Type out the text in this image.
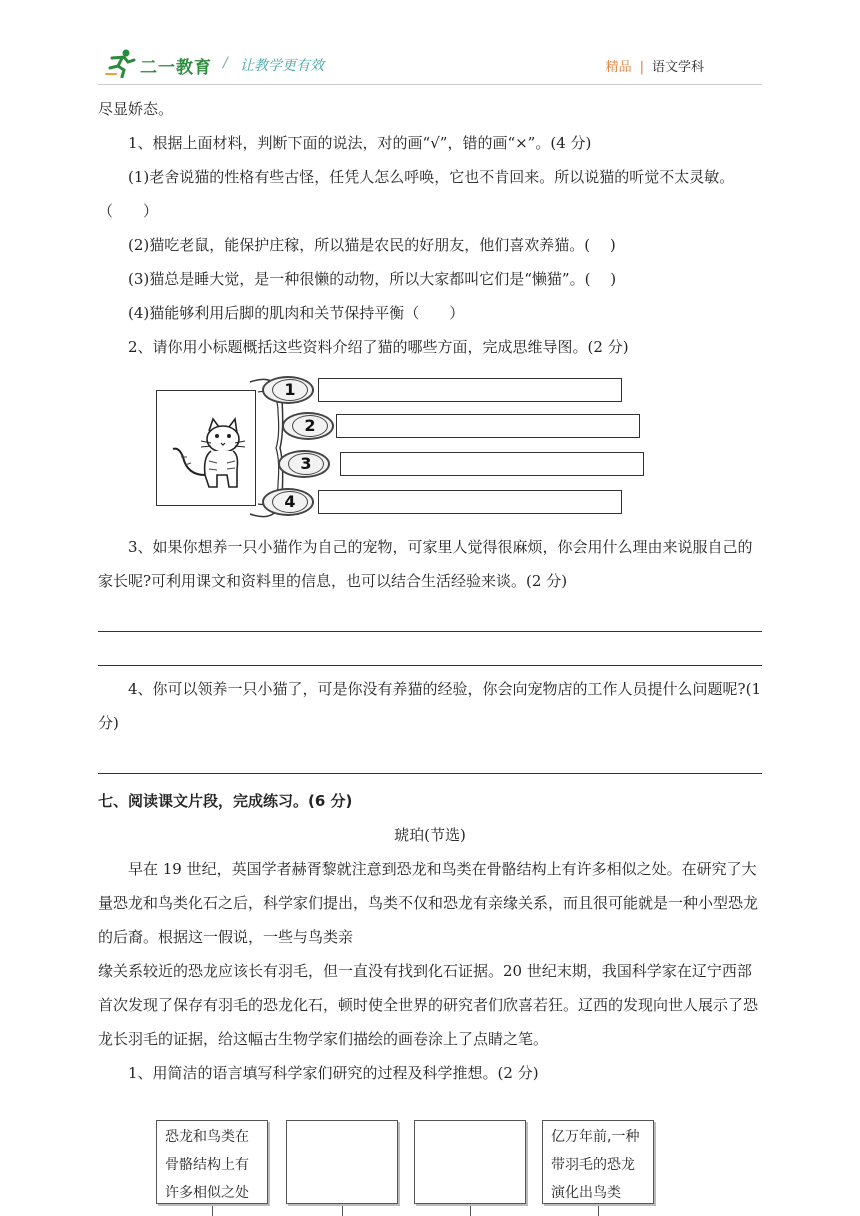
二一教育 / 让教学更有效	精品 | 语文学科
尽显娇态。
1、根据上面材料，判断下面的说法，对的画“√”，错的画“×”。(4 分)
(1)老舍说猫的性格有些古怪，任凭人怎么呼唤，它也不肯回来。所以说猫的听觉不太灵敏。（　　）
(2)猫吃老鼠，能保护庄稼，所以猫是农民的好朋友，他们喜欢养猫。(　 )
(3)猫总是睡大觉，是一种很懒的动物，所以大家都叫它们是“懒猫”。(　 )
(4)猫能够利用后脚的肌肉和关节保持平衡（　　）
2、请你用小标题概括这些资料介绍了猫的哪些方面，完成思维导图。(2 分)
1
2
3
4
3、如果你想养一只小猫作为自己的宠物，可家里人觉得很麻烦，你会用什么理由来说服自己的家长呢?可利用课文和资料里的信息，也可以结合生活经验来谈。(2 分)
4、你可以领养一只小猫了，可是你没有养猫的经验，你会向宠物店的工作人员提什么问题呢?(1 分)
七、阅读课文片段，完成练习。(6 分)
琥珀(节选)
早在 19 世纪，英国学者赫胥黎就注意到恐龙和鸟类在骨骼结构上有许多相似之处。在研究了大量恐龙和鸟类化石之后，科学家们提出，鸟类不仅和恐龙有亲缘关系，而且很可能就是一种小型恐龙的后裔。根据这一假说，一些与鸟类亲
缘关系较近的恐龙应该长有羽毛，但一直没有找到化石证据。20 世纪末期，我国科学家在辽宁西部首次发现了保存有羽毛的恐龙化石，顿时使全世界的研究者们欣喜若狂。辽西的发现向世人展示了恐龙长羽毛的证据，给这幅古生物学家们描绘的画卷涂上了点睛之笔。
1、用简洁的语言填写科学家们研究的过程及科学推想。(2 分)
恐龙和鸟类在骨骼结构上有许多相似之处
亿万年前,一种带羽毛的恐龙演化出鸟类
